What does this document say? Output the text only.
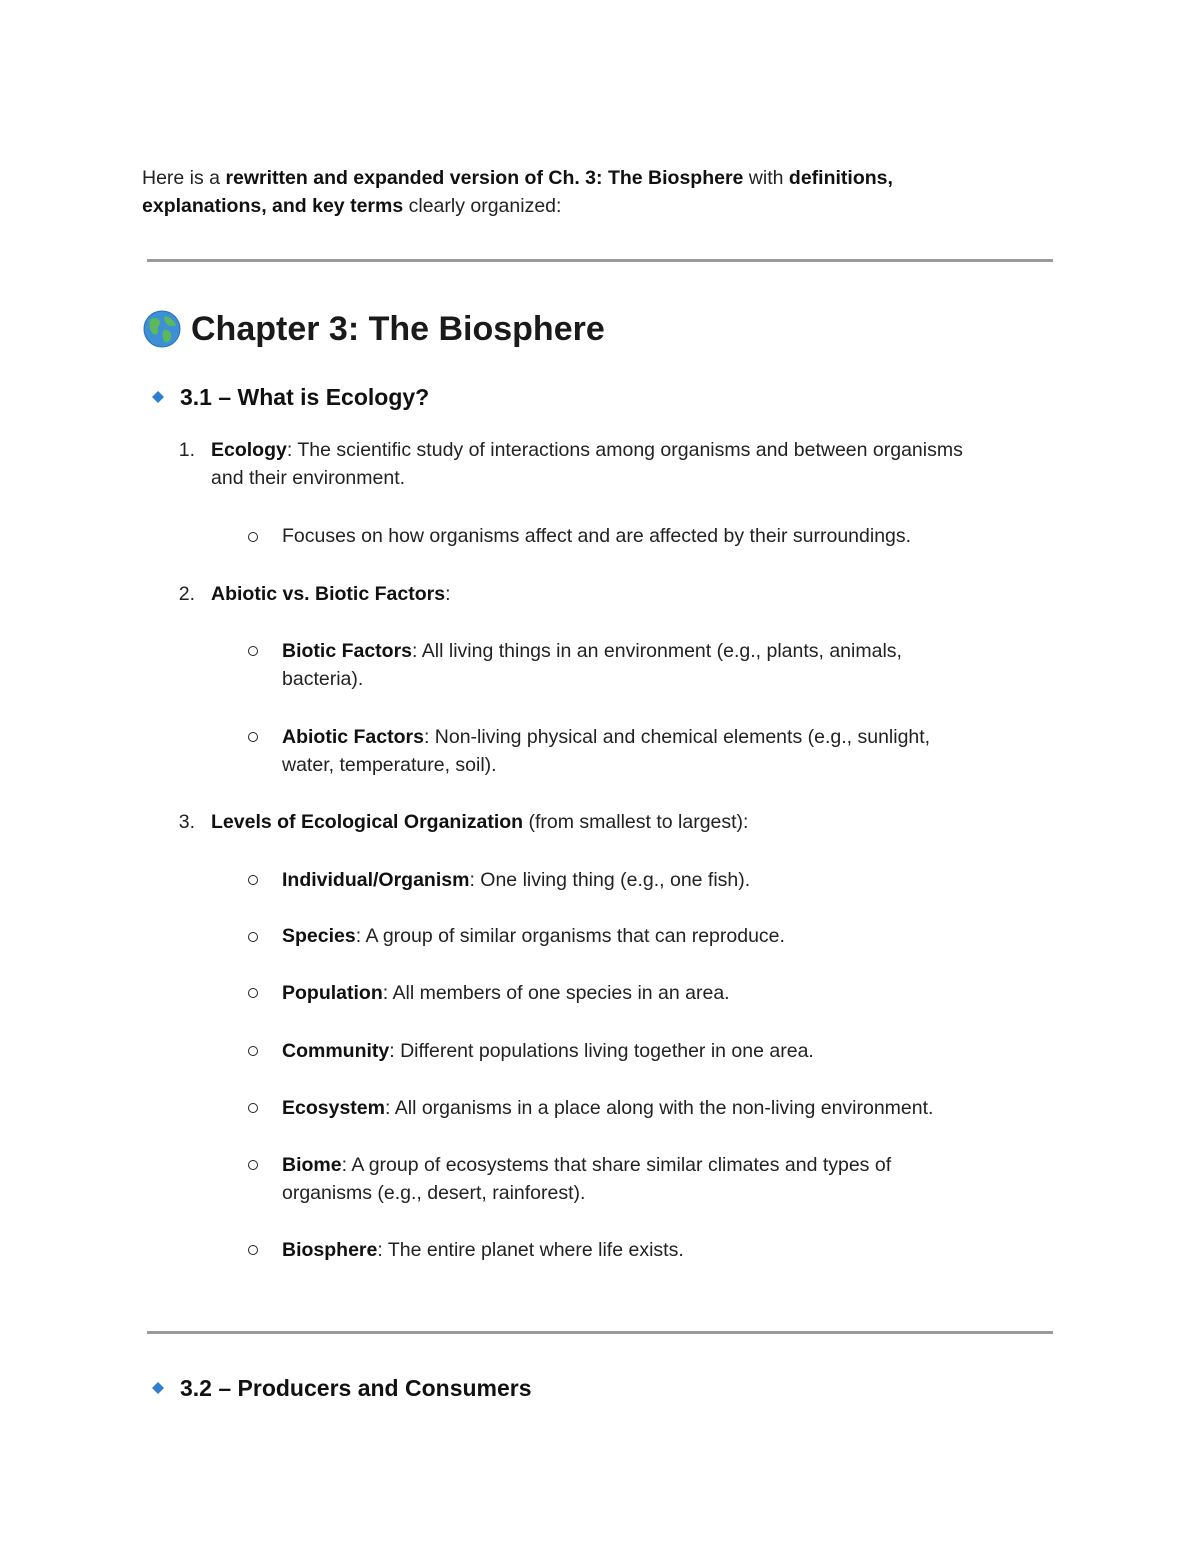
Here is a rewritten and expanded version of Ch. 3: The Biosphere with definitions,
explanations, and key terms clearly organized:
Chapter 3: The Biosphere
3.1 – What is Ecology?
1. Ecology: The scientific study of interactions among organisms and between organisms
and their environment.
Focuses on how organisms affect and are affected by their surroundings.
2. Abiotic vs. Biotic Factors:
Biotic Factors: All living things in an environment (e.g., plants, animals,
bacteria).
Abiotic Factors: Non-living physical and chemical elements (e.g., sunlight,
water, temperature, soil).
3. Levels of Ecological Organization (from smallest to largest):
Individual/Organism: One living thing (e.g., one fish).
Species: A group of similar organisms that can reproduce.
Population: All members of one species in an area.
Community: Different populations living together in one area.
Ecosystem: All organisms in a place along with the non-living environment.
Biome: A group of ecosystems that share similar climates and types of
organisms (e.g., desert, rainforest).
Biosphere: The entire planet where life exists.
3.2 – Producers and Consumers
